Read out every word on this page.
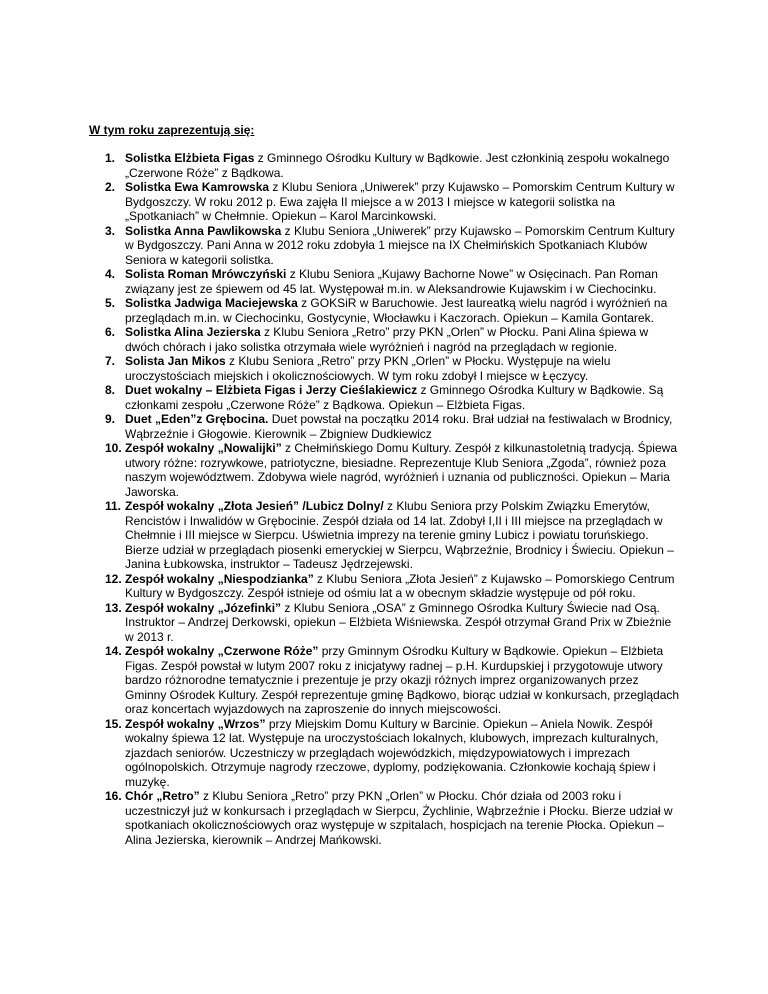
W tym roku zaprezentują się:

1. Solistka Elżbieta Figas z Gminnego Ośrodku Kultury w Bądkowie. Jest członkinią zespołu wokalnego „Czerwone Róże” z Bądkowa.
2. Solistka Ewa Kamrowska z Klubu Seniora „Uniwerek” przy Kujawsko – Pomorskim Centrum Kultury w Bydgoszczy. W roku 2012 p. Ewa zajęła II miejsce a w 2013 I miejsce w kategorii solistka na „Spotkaniach” w Chełmnie. Opiekun – Karol Marcinkowski.
3. Solistka Anna Pawlikowska z Klubu Seniora „Uniwerek” przy Kujawsko – Pomorskim Centrum Kultury w Bydgoszczy. Pani Anna w 2012 roku zdobyła 1 miejsce na IX Chełmińskich Spotkaniach Klubów Seniora w kategorii solistka.
4. Solista Roman Mrówczyński z Klubu Seniora „Kujawy Bachorne Nowe” w Osięcinach. Pan Roman związany jest ze śpiewem od 45 lat. Występował m.in. w Aleksandrowie Kujawskim i w Ciechocinku.
5. Solistka Jadwiga Maciejewska z GOKSiR w Baruchowie. Jest laureatką wielu nagród i wyróżnień na przeglądach m.in. w Ciechocinku, Gostycynie, Włocławku i Kaczorach. Opiekun – Kamila Gontarek.
6. Solistka Alina Jezierska z Klubu Seniora „Retro” przy PKN „Orlen” w Płocku. Pani Alina śpiewa w dwóch chórach i jako solistka otrzymała wiele wyróżnień i nagród na przeglądach w regionie.
7. Solista Jan Mikos z Klubu Seniora „Retro” przy PKN „Orlen” w Płocku. Występuje na wielu uroczystościach miejskich i okolicznościowych. W tym roku zdobył I miejsce w Łęczycy.
8. Duet wokalny – Elżbieta Figas i Jerzy Cieślakiewicz z Gminnego Ośrodka Kultury w Bądkowie. Są członkami zespołu „Czerwone Róże” z Bądkowa. Opiekun – Elżbieta Figas.
9. Duet „Eden”z Grębocina. Duet powstał na początku 2014 roku. Brał udział na festiwalach w Brodnicy, Wąbrzeźnie i Głogowie. Kierownik – Zbigniew Dudkiewicz
10. Zespół wokalny „Nowalijki” z Chełmińskiego Domu Kultury. Zespół z kilkunastoletnią tradycją. Śpiewa utwory różne: rozrywkowe, patriotyczne, biesiadne. Reprezentuje Klub Seniora „Zgoda”, również poza naszym województwem. Zdobywa wiele nagród, wyróżnień i uznania od publiczności. Opiekun – Maria Jaworska.
11. Zespół wokalny „Złota Jesień” /Lubicz Dolny/ z Klubu Seniora przy Polskim Związku Emerytów, Rencistów i Inwalidów w Grębocinie. Zespół działa od 14 lat. Zdobył I,II i III miejsce na przeglądach w Chełmnie i III miejsce w Sierpcu. Uświetnia imprezy na terenie gminy Lubicz i powiatu toruńskiego. Bierze udział w przeglądach piosenki emeryckiej w Sierpcu, Wąbrzeźnie, Brodnicy i Świeciu. Opiekun – Janina Łubkowska, instruktor – Tadeusz Jędrzejewski.
12. Zespół wokalny „Niespodzianka” z Klubu Seniora „Złota Jesień” z Kujawsko – Pomorskiego Centrum Kultury w Bydgoszczy. Zespół istnieje od ośmiu lat a w obecnym składzie występuje od pół roku.
13. Zespół wokalny „Józefinki” z Klubu Seniora „OSA” z Gminnego Ośrodka Kultury Świecie nad Osą. Instruktor – Andrzej Derkowski, opiekun – Elżbieta Wiśniewska. Zespół otrzymał Grand Prix w Zbieżnie w 2013 r.
14. Zespół wokalny „Czerwone Róże” przy Gminnym Ośrodku Kultury w Bądkowie. Opiekun – Elżbieta Figas. Zespół powstał w lutym 2007 roku z inicjatywy radnej – p.H. Kurdupskiej i przygotowuje utwory bardzo różnorodne tematycznie i prezentuje je przy okazji różnych imprez organizowanych przez Gminny Ośrodek Kultury. Zespół reprezentuje gminę Bądkowo, biorąc udział w konkursach, przeglądach oraz koncertach wyjazdowych na zaproszenie do innych miejscowości.
15. Zespół wokalny „Wrzos” przy Miejskim Domu Kultury w Barcinie. Opiekun – Aniela Nowik. Zespół wokalny śpiewa 12 lat. Występuje na uroczystościach lokalnych, klubowych, imprezach kulturalnych, zjazdach seniorów. Uczestniczy w przeglądach wojewódzkich, międzypowiatowych i imprezach ogólnopolskich. Otrzymuje nagrody rzeczowe, dyplomy, podziękowania. Członkowie kochają śpiew i muzykę.
16. Chór „Retro” z Klubu Seniora „Retro” przy PKN „Orlen” w Płocku. Chór działa od 2003 roku i uczestniczył już w konkursach i przeglądach w Sierpcu, Żychlinie, Wąbrzeźnie i Płocku. Bierze udział w spotkaniach okolicznościowych oraz występuje w szpitalach, hospicjach na terenie Płocka. Opiekun – Alina Jezierska, kierownik – Andrzej Mańkowski.
